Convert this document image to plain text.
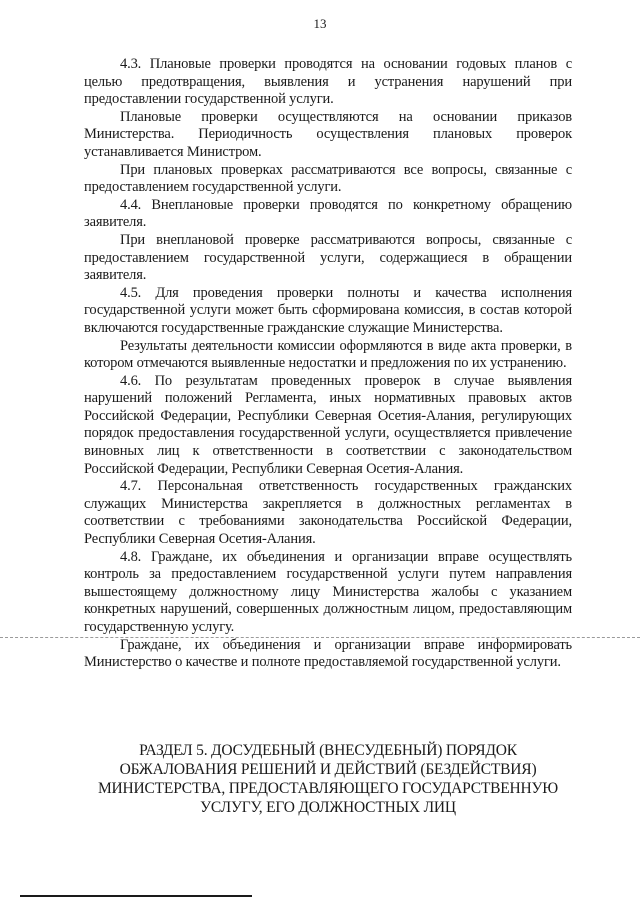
13

4.3. Плановые проверки проводятся на основании годовых планов с целью предотвращения, выявления и устранения нарушений при предоставлении государственной услуги.

Плановые проверки осуществляются на основании приказов Министерства. Периодичность осуществления плановых проверок устанавливается Министром.

При плановых проверках рассматриваются все вопросы, связанные с предоставлением государственной услуги.

4.4. Внеплановые проверки проводятся по конкретному обращению заявителя.

При внеплановой проверке рассматриваются вопросы, связанные с предоставлением государственной услуги, содержащиеся в обращении заявителя.

4.5. Для проведения проверки полноты и качества исполнения государственной услуги может быть сформирована комиссия, в состав которой включаются государственные гражданские служащие Министерства.

Результаты деятельности комиссии оформляются в виде акта проверки, в котором отмечаются выявленные недостатки и предложения по их устранению.

4.6. По результатам проведенных проверок в случае выявления нарушений положений Регламента, иных нормативных правовых актов Российской Федерации, Республики Северная Осетия-Алания, регулирующих порядок предоставления государственной услуги, осуществляется привлечение виновных лиц к ответственности в соответствии с законодательством Российской Федерации, Республики Северная Осетия-Алания.

4.7. Персональная ответственность государственных гражданских служащих Министерства закрепляется в должностных регламентах в соответствии с требованиями законодательства Российской Федерации, Республики Северная Осетия-Алания.

4.8. Граждане, их объединения и организации вправе осуществлять контроль за предоставлением государственной услуги путем направления вышестоящему должностному лицу Министерства жалобы с указанием конкретных нарушений, совершенных должностным лицом, предоставляющим государственную услугу.

Граждане, их объединения и организации вправе информировать Министерство о качестве и полноте предоставляемой государственной услуги.

РАЗДЕЛ 5. ДОСУДЕБНЫЙ (ВНЕСУДЕБНЫЙ) ПОРЯДОК
ОБЖАЛОВАНИЯ РЕШЕНИЙ И ДЕЙСТВИЙ (БЕЗДЕЙСТВИЯ)
МИНИСТЕРСТВА, ПРЕДОСТАВЛЯЮЩЕГО ГОСУДАРСТВЕННУЮ
УСЛУГУ, ЕГО ДОЛЖНОСТНЫХ ЛИЦ
